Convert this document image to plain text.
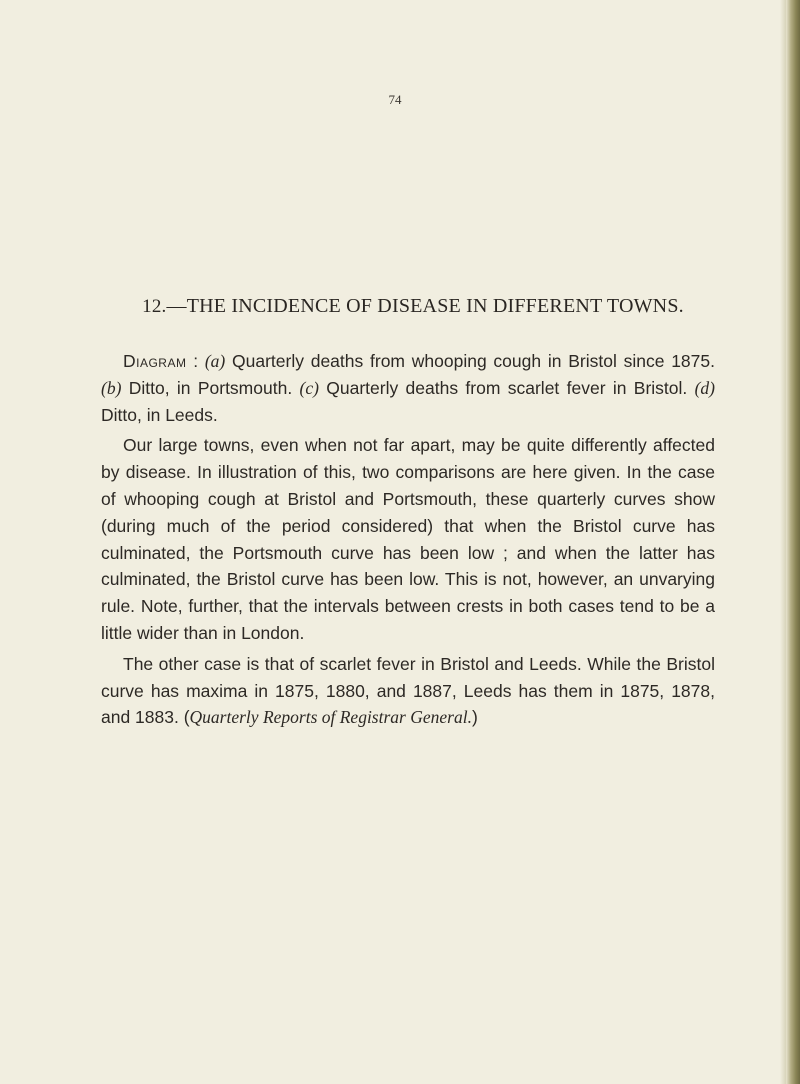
74
12.—THE INCIDENCE OF DISEASE IN DIFFERENT TOWNS.

Diagram : (a) Quarterly deaths from whooping cough in Bristol since 1875. (b) Ditto, in Portsmouth. (c) Quarterly deaths from scarlet fever in Bristol. (d) Ditto, in Leeds.

Our large towns, even when not far apart, may be quite differently affected by disease. In illustration of this, two comparisons are here given. In the case of whooping cough at Bristol and Portsmouth, these quarterly curves show (during much of the period considered) that when the Bristol curve has culminated, the Portsmouth curve has been low ; and when the latter has culminated, the Bristol curve has been low. This is not, however, an unvarying rule. Note, further, that the intervals between crests in both cases tend to be a little wider than in London.

The other case is that of scarlet fever in Bristol and Leeds. While the Bristol curve has maxima in 1875, 1880, and 1887, Leeds has them in 1875, 1878, and 1883. (Quarterly Reports of Registrar General.)
